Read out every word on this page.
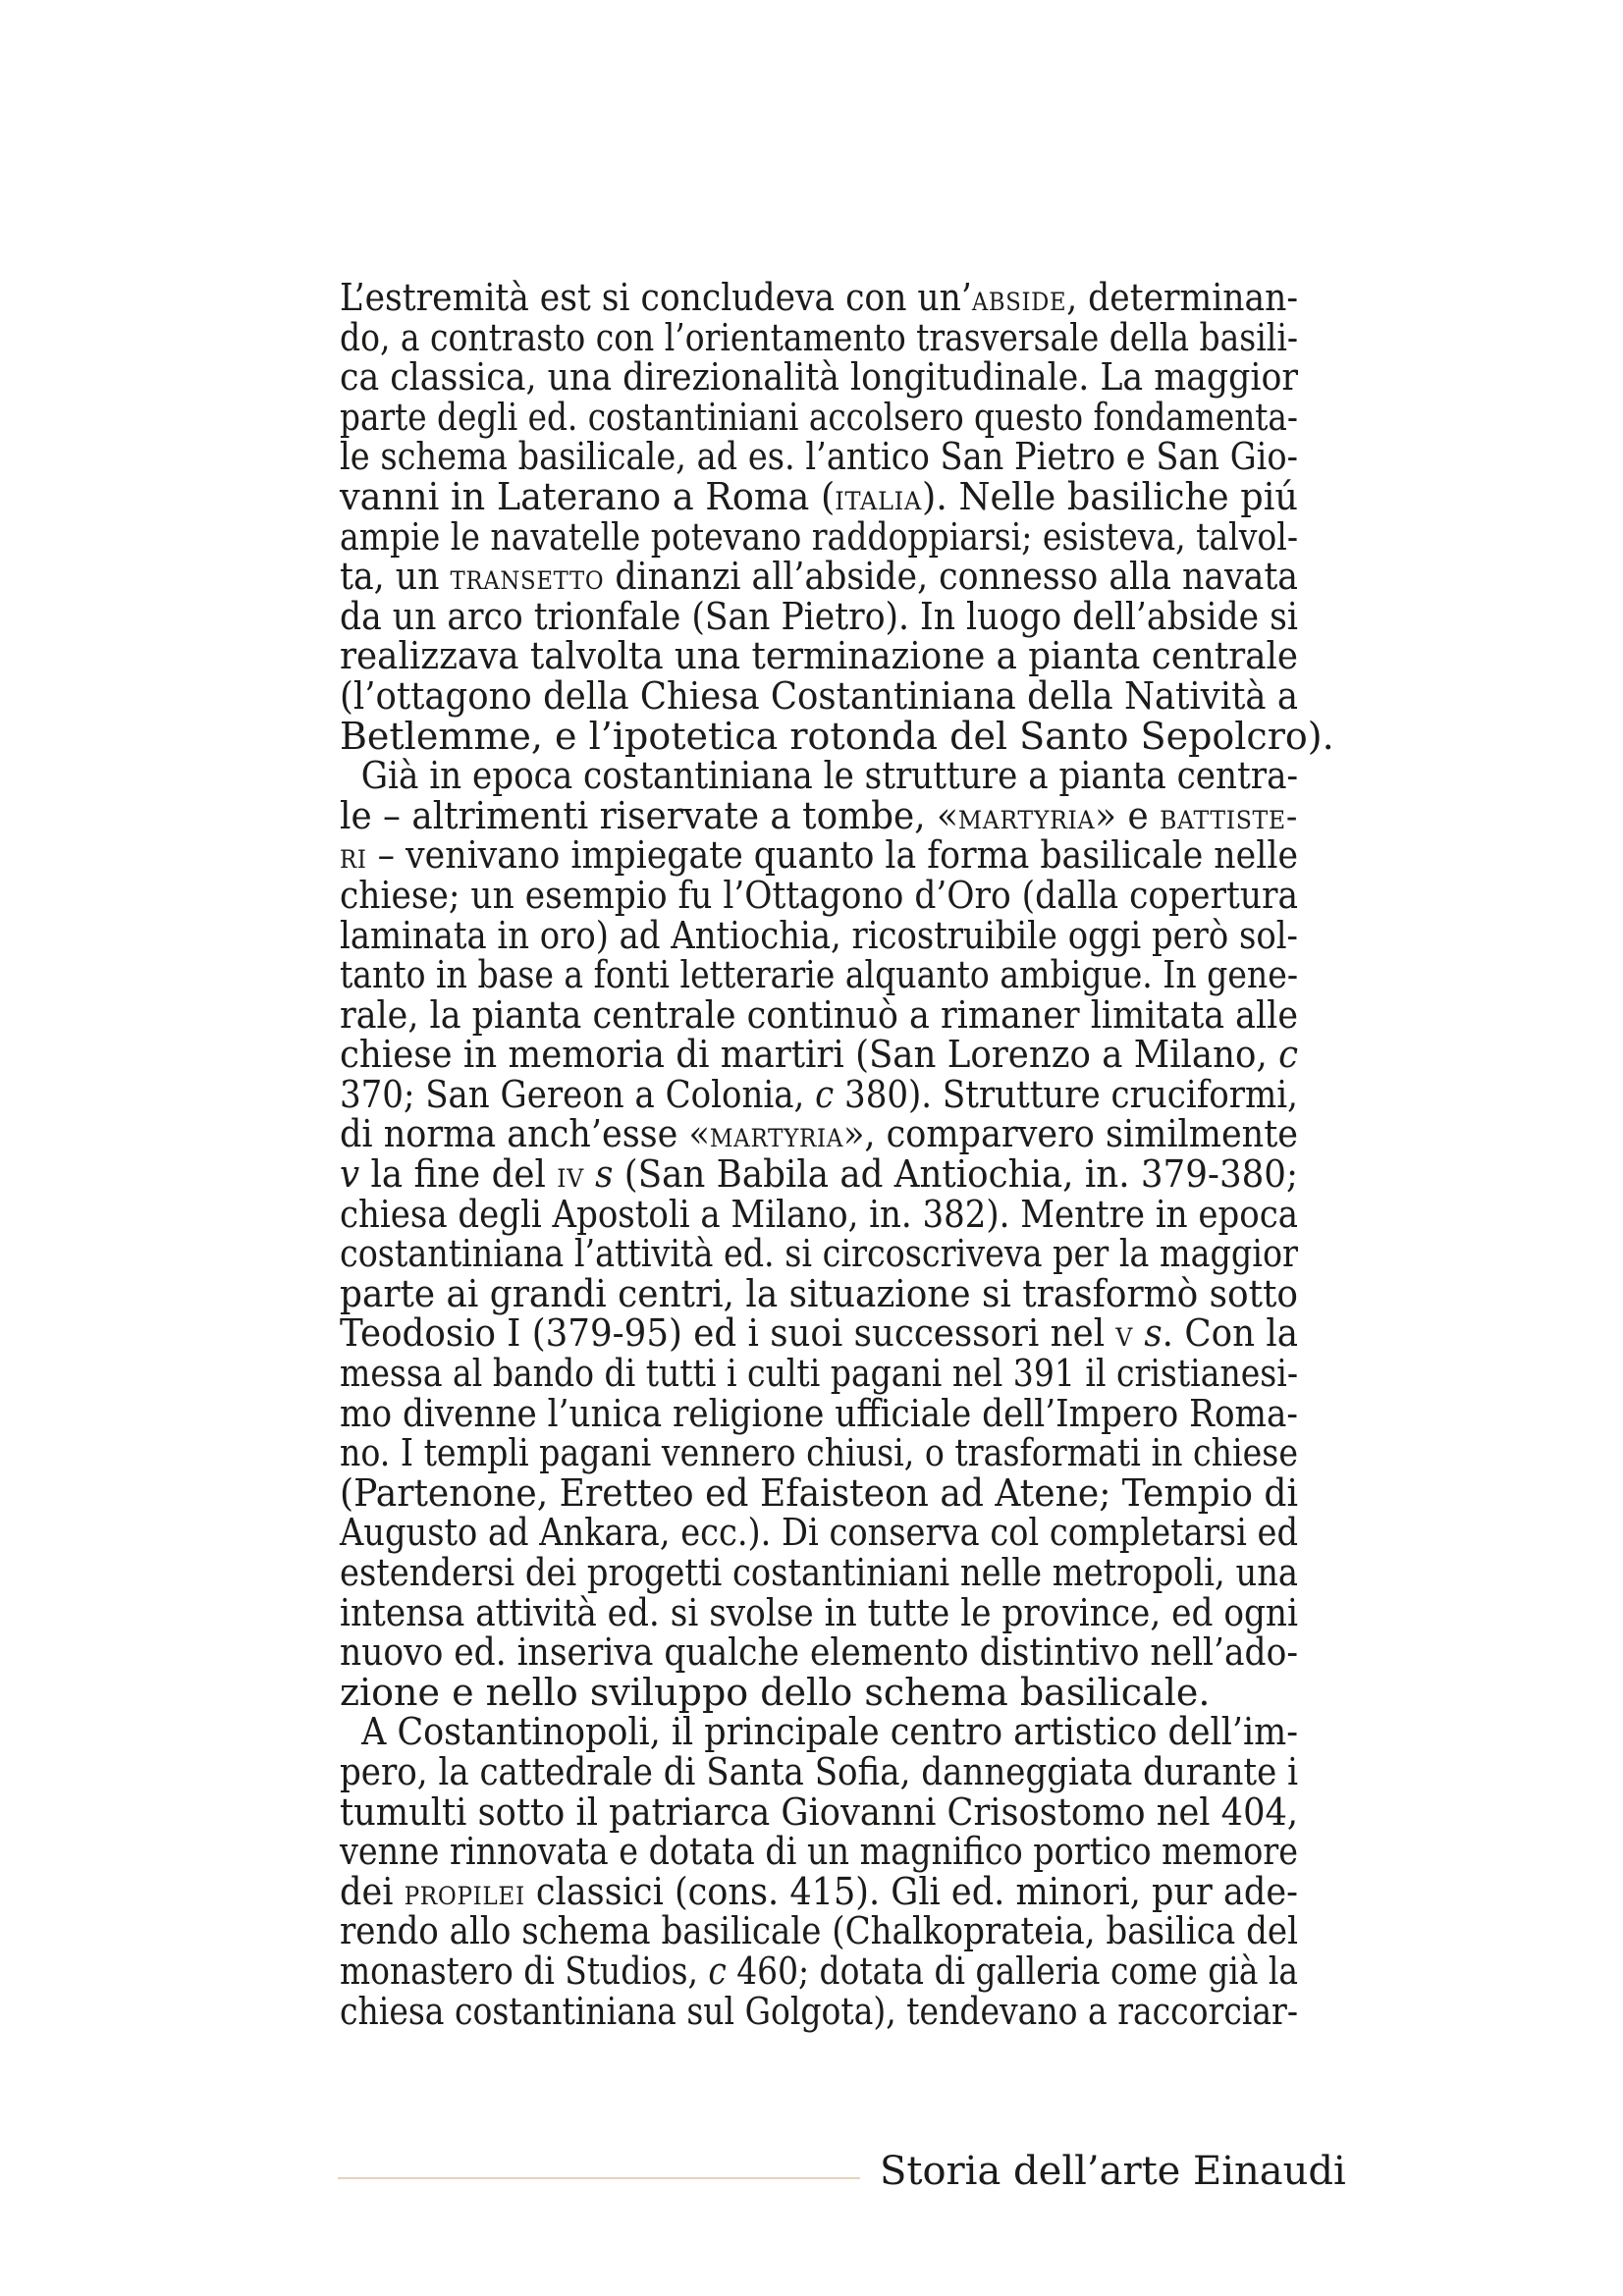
L’estremità est si concludeva con un’abside, determinan-
do, a contrasto con l’orientamento trasversale della basili-
ca classica, una direzionalità longitudinale. La maggior
parte degli ed. costantiniani accolsero questo fondamenta-
le schema basilicale, ad es. l’antico San Pietro e San Gio-
vanni in Laterano a Roma (italia). Nelle basiliche piú
ampie le navatelle potevano raddoppiarsi; esisteva, talvol-
ta, un transetto dinanzi all’abside, connesso alla navata
da un arco trionfale (San Pietro). In luogo dell’abside si
realizzava talvolta una terminazione a pianta centrale
(l’ottagono della Chiesa Costantiniana della Natività a
Betlemme, e l’ipotetica rotonda del Santo Sepolcro).
Già in epoca costantiniana le strutture a pianta centra-
le – altrimenti riservate a tombe, «martyria» e battiste-
ri – venivano impiegate quanto la forma basilicale nelle
chiese; un esempio fu l’Ottagono d’Oro (dalla copertura
laminata in oro) ad Antiochia, ricostruibile oggi però sol-
tanto in base a fonti letterarie alquanto ambigue. In gene-
rale, la pianta centrale continuò a rimaner limitata alle
chiese in memoria di martiri (San Lorenzo a Milano, c
370; San Gereon a Colonia, c 380). Strutture cruciformi,
di norma anch’esse «martyria», comparvero similmente
v la fine del iv s (San Babila ad Antiochia, in. 379-380;
chiesa degli Apostoli a Milano, in. 382). Mentre in epoca
costantiniana l’attività ed. si circoscriveva per la maggior
parte ai grandi centri, la situazione si trasformò sotto
Teodosio I (379-95) ed i suoi successori nel v s. Con la
messa al bando di tutti i culti pagani nel 391 il cristianesi-
mo divenne l’unica religione ufficiale dell’Impero Roma-
no. I templi pagani vennero chiusi, o trasformati in chiese
(Partenone, Eretteo ed Efaisteon ad Atene; Tempio di
Augusto ad Ankara, ecc.). Di conserva col completarsi ed
estendersi dei progetti costantiniani nelle metropoli, una
intensa attività ed. si svolse in tutte le province, ed ogni
nuovo ed. inseriva qualche elemento distintivo nell’ado-
zione e nello sviluppo dello schema basilicale.
A Costantinopoli, il principale centro artistico dell’im-
pero, la cattedrale di Santa Sofia, danneggiata durante i
tumulti sotto il patriarca Giovanni Crisostomo nel 404,
venne rinnovata e dotata di un magnifico portico memore
dei propilei classici (cons. 415). Gli ed. minori, pur ade-
rendo allo schema basilicale (Chalkoprateia, basilica del
monastero di Studios, c 460; dotata di galleria come già la
chiesa costantiniana sul Golgota), tendevano a raccorciar-
Storia dell’arte Einaudi
